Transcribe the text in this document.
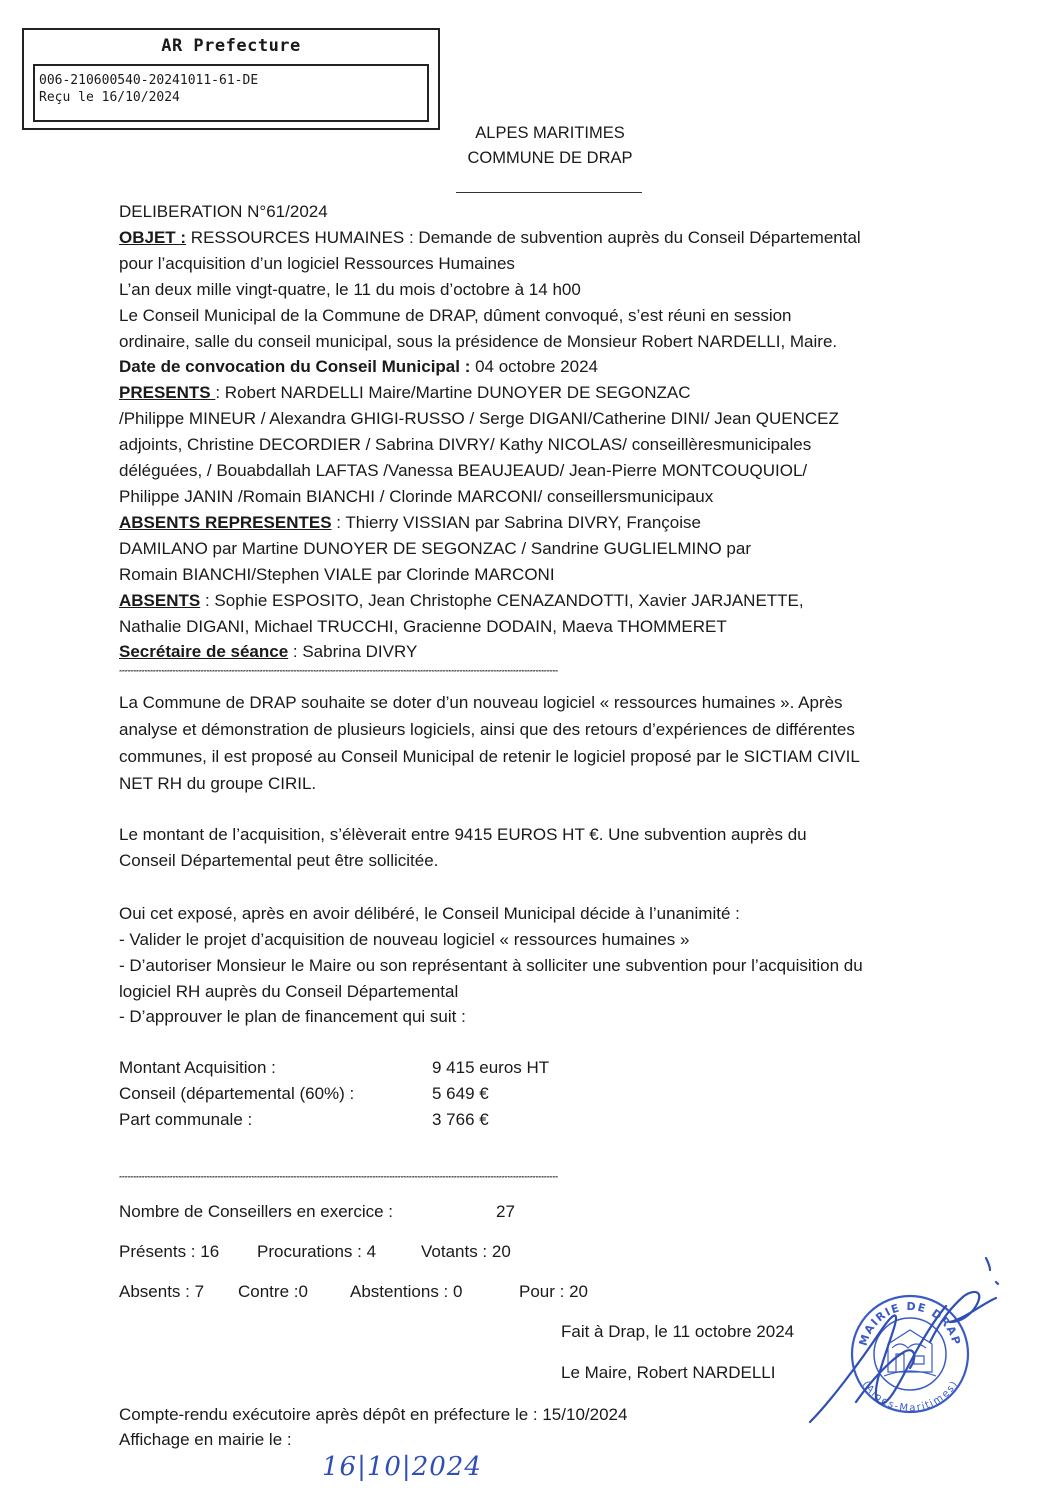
AR Prefecture
006-210600540-20241011-61-DE
Reçu le 16/10/2024
ALPES MARITIMES
COMMUNE DE DRAP
DELIBERATION N°61/2024
OBJET : RESSOURCES HUMAINES : Demande de subvention auprès du Conseil Départemental
pour l’acquisition d’un logiciel Ressources Humaines
L’an deux mille vingt-quatre, le 11 du mois d’octobre à 14 h00
Le Conseil Municipal de la Commune de DRAP, dûment convoqué, s’est réuni en session
ordinaire, salle du conseil municipal, sous la présidence de Monsieur Robert NARDELLI, Maire.
Date de convocation du Conseil Municipal : 04 octobre 2024
PRESENTS : Robert NARDELLI Maire/Martine DUNOYER DE SEGONZAC
/Philippe MINEUR / Alexandra GHIGI-RUSSO / Serge DIGANI/Catherine DINI/ Jean QUENCEZ
adjoints, Christine DECORDIER / Sabrina DIVRY/ Kathy NICOLAS/ conseillèresmunicipales
déléguées, / Bouabdallah LAFTAS /Vanessa BEAUJEAUD/ Jean-Pierre MONTCOUQUIOL/
Philippe JANIN /Romain BIANCHI / Clorinde MARCONI/ conseillersmunicipaux
ABSENTS REPRESENTES : Thierry VISSIAN par Sabrina DIVRY, Françoise
DAMILANO par Martine DUNOYER DE SEGONZAC / Sandrine GUGLIELMINO par
Romain BIANCHI/Stephen VIALE par Clorinde MARCONI
ABSENTS : Sophie ESPOSITO, Jean Christophe CENAZANDOTTI, Xavier JARJANETTE,
Nathalie DIGANI, Michael TRUCCHI, Gracienne DODAIN, Maeva THOMMERET
Secrétaire de séance : Sabrina DIVRY
************************************************************************************************************************************************************
La Commune de DRAP souhaite se doter d’un nouveau logiciel « ressources humaines ». Après
analyse et démonstration de plusieurs logiciels, ainsi que des retours d’expériences de différentes
communes, il est proposé au Conseil Municipal de retenir le logiciel proposé par le SICTIAM CIVIL
NET RH du groupe CIRIL.
Le montant de l’acquisition, s’élèverait entre 9415 EUROS HT €. Une subvention auprès du
Conseil Départemental peut être sollicitée.
Oui cet exposé, après en avoir délibéré, le Conseil Municipal décide à l’unanimité :
- Valider le projet d’acquisition de nouveau logiciel « ressources humaines »
- D’autoriser Monsieur le Maire ou son représentant à solliciter une subvention pour l’acquisition du
logiciel RH auprès du Conseil Départemental
- D’approuver le plan de financement qui suit :
Montant Acquisition :	9 415 euros HT
Conseil (départemental (60%) :	5 649 €
Part communale :	3 766 €
************************************************************************************************************************************************************
Nombre de Conseillers en exercice :	27
Présents : 16 Procurations : 4	Votants : 20
Absents : 7 Contre :0 Abstentions : 0	Pour : 20
Fait à Drap, le 11 octobre 2024
Le Maire, Robert NARDELLI
MAIRIE DE DRAP
(Alpes-Maritimes)
Compte-rendu exécutoire après dépôt en préfecture le : 15/10/2024
Affichage en mairie le :
16|10|2024
